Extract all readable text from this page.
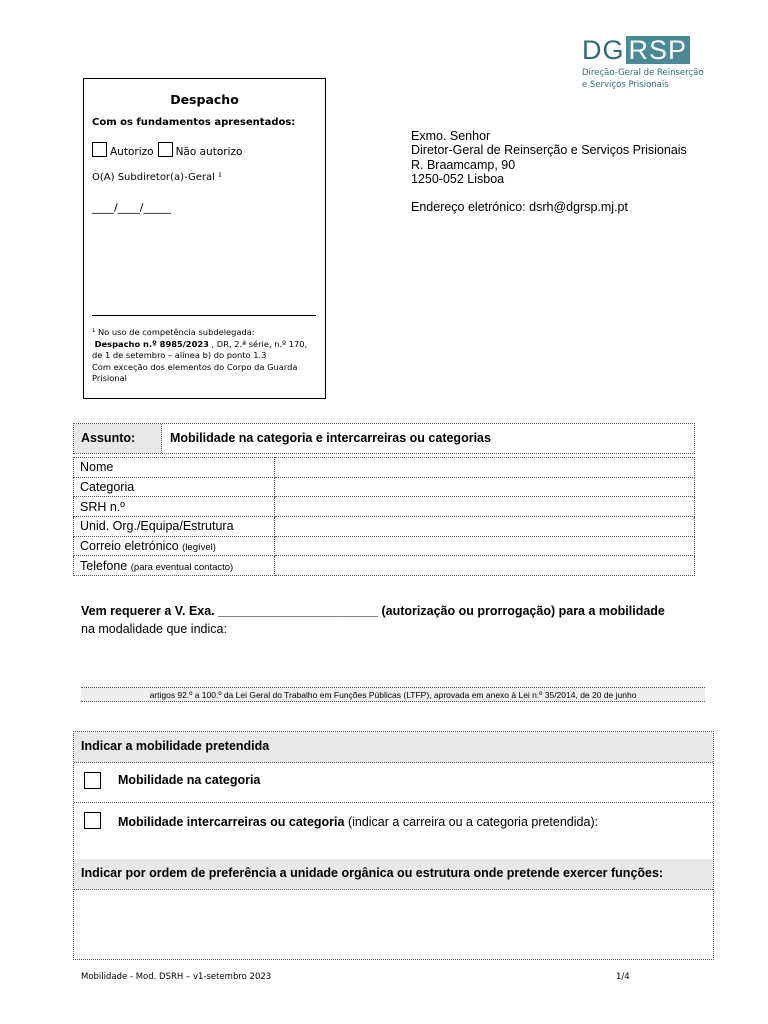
DG RSP
Direção-Geral de Reinserção
e Serviços Prisionais
Despacho
Com os fundamentos apresentados:
Autorizo Não autorizo
O(A) Subdiretor(a)-Geral ¹
____/____/_____
¹ No uso de competência subdelegada:
Despacho n.º 8985/2023 , DR, 2.ª série, n.º 170,
de 1 de setembro – alínea b) do ponto 1.3
Com exceção dos elementos do Corpo da Guarda Prisional
Exmo. Senhor
Diretor-Geral de Reinserção e Serviços Prisionais
R. Braamcamp, 90
1250-052 Lisboa
Endereço eletrónico: dsrh@dgrsp.mj.pt
Assunto:	Mobilidade na categoria e intercarreiras ou categorias
Nome	
Categoria	
SRH n.º	
Unid. Org./Equipa/Estrutura	
Correio eletrónico (legível)	
Telefone (para eventual contacto)	
Vem requerer a V. Exa. _______________________ (autorização ou prorrogação) para a mobilidade
na modalidade que indica:
artigos 92.º a 100.º da Lei Geral do Trabalho em Funções Públicas (LTFP), aprovada em anexo à Lei n.º 35/2014, de 20 de junho
Indicar a mobilidade pretendida
Mobilidade na categoria
Mobilidade intercarreiras ou categoria (indicar a carreira ou a categoria pretendida):
Indicar por ordem de preferência a unidade orgânica ou estrutura onde pretende exercer funções:
Mobilidade - Mod. DSRH – v1-setembro 2023	1/4
